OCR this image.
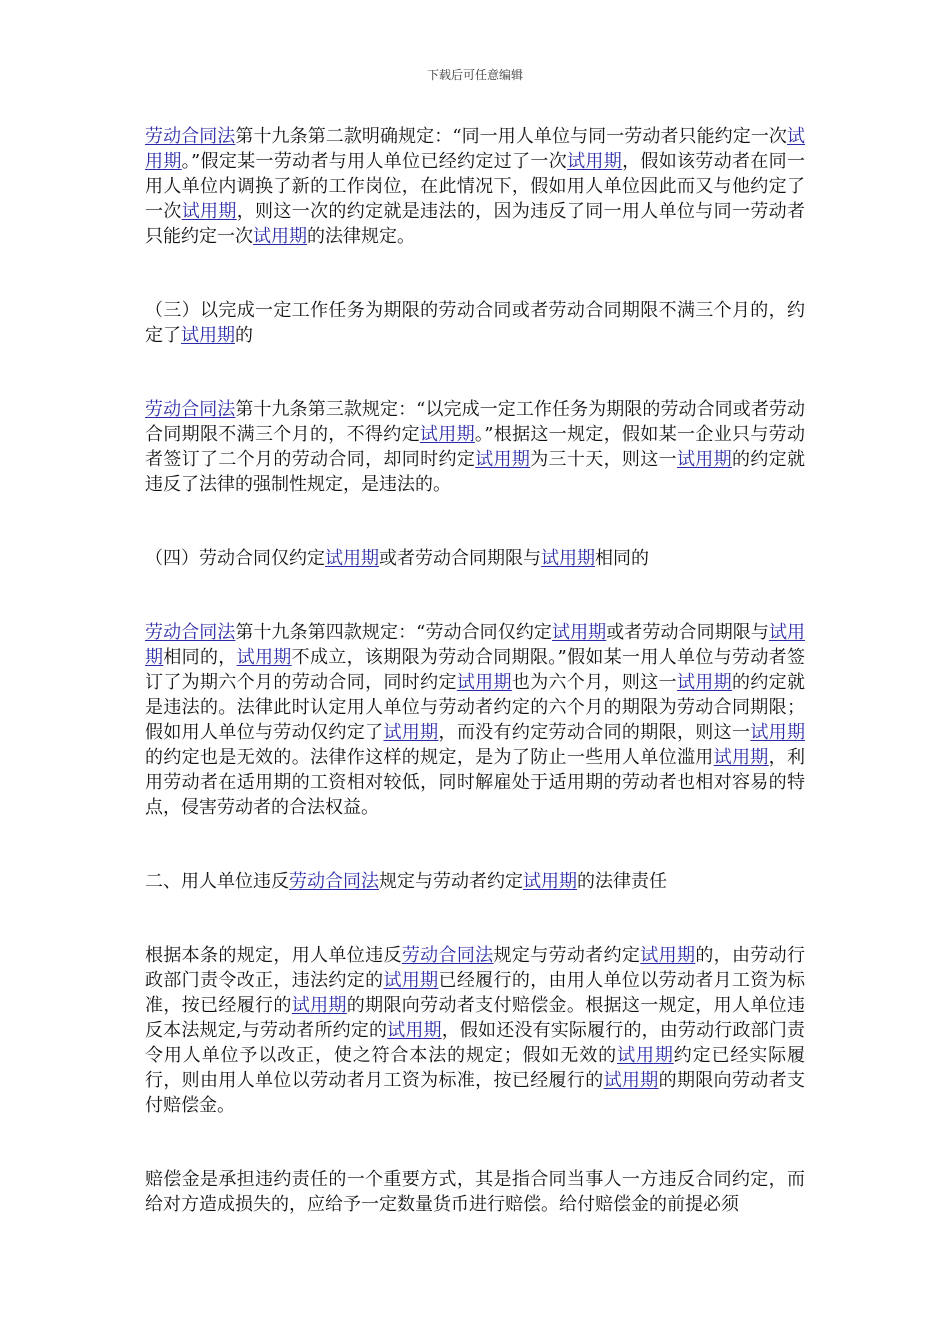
下载后可任意编辑

劳动合同法第十九条第二款明确规定：“同一用人单位与同一劳动者只能约定一次试用期。”假定某一劳动者与用人单位已经约定过了一次试用期，假如该劳动者在同一用人单位内调换了新的工作岗位，在此情况下，假如用人单位因此而又与他约定了一次试用期，则这一次的约定就是违法的，因为违反了同一用人单位与同一劳动者只能约定一次试用期的法律规定。

（三）以完成一定工作任务为期限的劳动合同或者劳动合同期限不满三个月的，约定了试用期的

劳动合同法第十九条第三款规定：“以完成一定工作任务为期限的劳动合同或者劳动合同期限不满三个月的，不得约定试用期。”根据这一规定，假如某一企业只与劳动者签订了二个月的劳动合同，却同时约定试用期为三十天，则这一试用期的约定就违反了法律的强制性规定，是违法的。

（四）劳动合同仅约定试用期或者劳动合同期限与试用期相同的

劳动合同法第十九条第四款规定：“劳动合同仅约定试用期或者劳动合同期限与试用期相同的，试用期不成立，该期限为劳动合同期限。”假如某一用人单位与劳动者签订了为期六个月的劳动合同，同时约定试用期也为六个月，则这一试用期的约定就是违法的。法律此时认定用人单位与劳动者约定的六个月的期限为劳动合同期限；假如用人单位与劳动仅约定了试用期，而没有约定劳动合同的期限，则这一试用期的约定也是无效的。法律作这样的规定，是为了防止一些用人单位滥用试用期，利用劳动者在适用期的工资相对较低，同时解雇处于适用期的劳动者也相对容易的特点，侵害劳动者的合法权益。

二、用人单位违反劳动合同法规定与劳动者约定试用期的法律责任

根据本条的规定，用人单位违反劳动合同法规定与劳动者约定试用期的，由劳动行政部门责令改正，违法约定的试用期已经履行的，由用人单位以劳动者月工资为标准，按已经履行的试用期的期限向劳动者支付赔偿金。根据这一规定，用人单位违反本法规定,与劳动者所约定的试用期，假如还没有实际履行的，由劳动行政部门责令用人单位予以改正，使之符合本法的规定；假如无效的试用期约定已经实际履行，则由用人单位以劳动者月工资为标准，按已经履行的试用期的期限向劳动者支付赔偿金。

赔偿金是承担违约责任的一个重要方式，其是指合同当事人一方违反合同约定，而给对方造成损失的，应给予一定数量货币进行赔偿。给付赔偿金的前提必须
